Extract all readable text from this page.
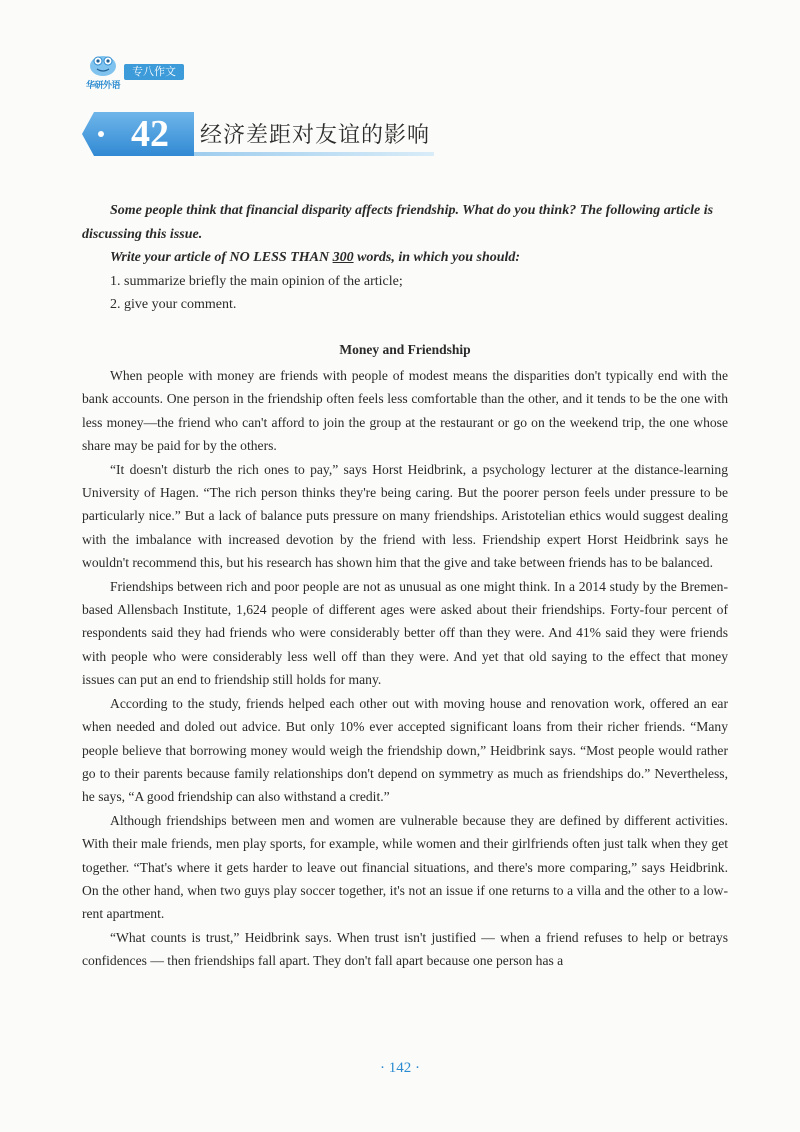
华研外语
专八作文
42	经济差距对友谊的影响

Some people think that financial disparity affects friendship. What do you think? The following article is discussing this issue.

Write your article of NO LESS THAN 300 words, in which you should:

1. summarize briefly the main opinion of the article;

2. give your comment.

Money and Friendship

When people with money are friends with people of modest means the disparities don't typically end with the bank accounts. One person in the friendship often feels less comfortable than the other, and it tends to be the one with less money—the friend who can't afford to join the group at the restaurant or go on the weekend trip, the one whose share may be paid for by the others.

“It doesn't disturb the rich ones to pay,” says Horst Heidbrink, a psychology lecturer at the distance-learning University of Hagen. “The rich person thinks they're being caring. But the poorer person feels under pressure to be particularly nice.” But a lack of balance puts pressure on many friendships. Aristotelian ethics would suggest dealing with the imbalance with increased devotion by the friend with less. Friendship expert Horst Heidbrink says he wouldn't recommend this, but his research has shown him that the give and take between friends has to be balanced.

Friendships between rich and poor people are not as unusual as one might think. In a 2014 study by the Bremen-based Allensbach Institute, 1,624 people of different ages were asked about their friendships. Forty-four percent of respondents said they had friends who were considerably better off than they were. And 41% said they were friends with people who were considerably less well off than they were. And yet that old saying to the effect that money issues can put an end to friendship still holds for many.

According to the study, friends helped each other out with moving house and renovation work, offered an ear when needed and doled out advice. But only 10% ever accepted significant loans from their richer friends. “Many people believe that borrowing money would weigh the friendship down,” Heidbrink says. “Most people would rather go to their parents because family relationships don't depend on symmetry as much as friendships do.” Nevertheless, he says, “A good friendship can also withstand a credit.”

Although friendships between men and women are vulnerable because they are defined by different activities. With their male friends, men play sports, for example, while women and their girlfriends often just talk when they get together. “That's where it gets harder to leave out financial situations, and there's more comparing,” says Heidbrink. On the other hand, when two guys play soccer together, it's not an issue if one returns to a villa and the other to a low-rent apartment.

“What counts is trust,” Heidbrink says. When trust isn't justified — when a friend refuses to help or betrays confidences — then friendships fall apart. They don't fall apart because one person has a

· 142 ·
